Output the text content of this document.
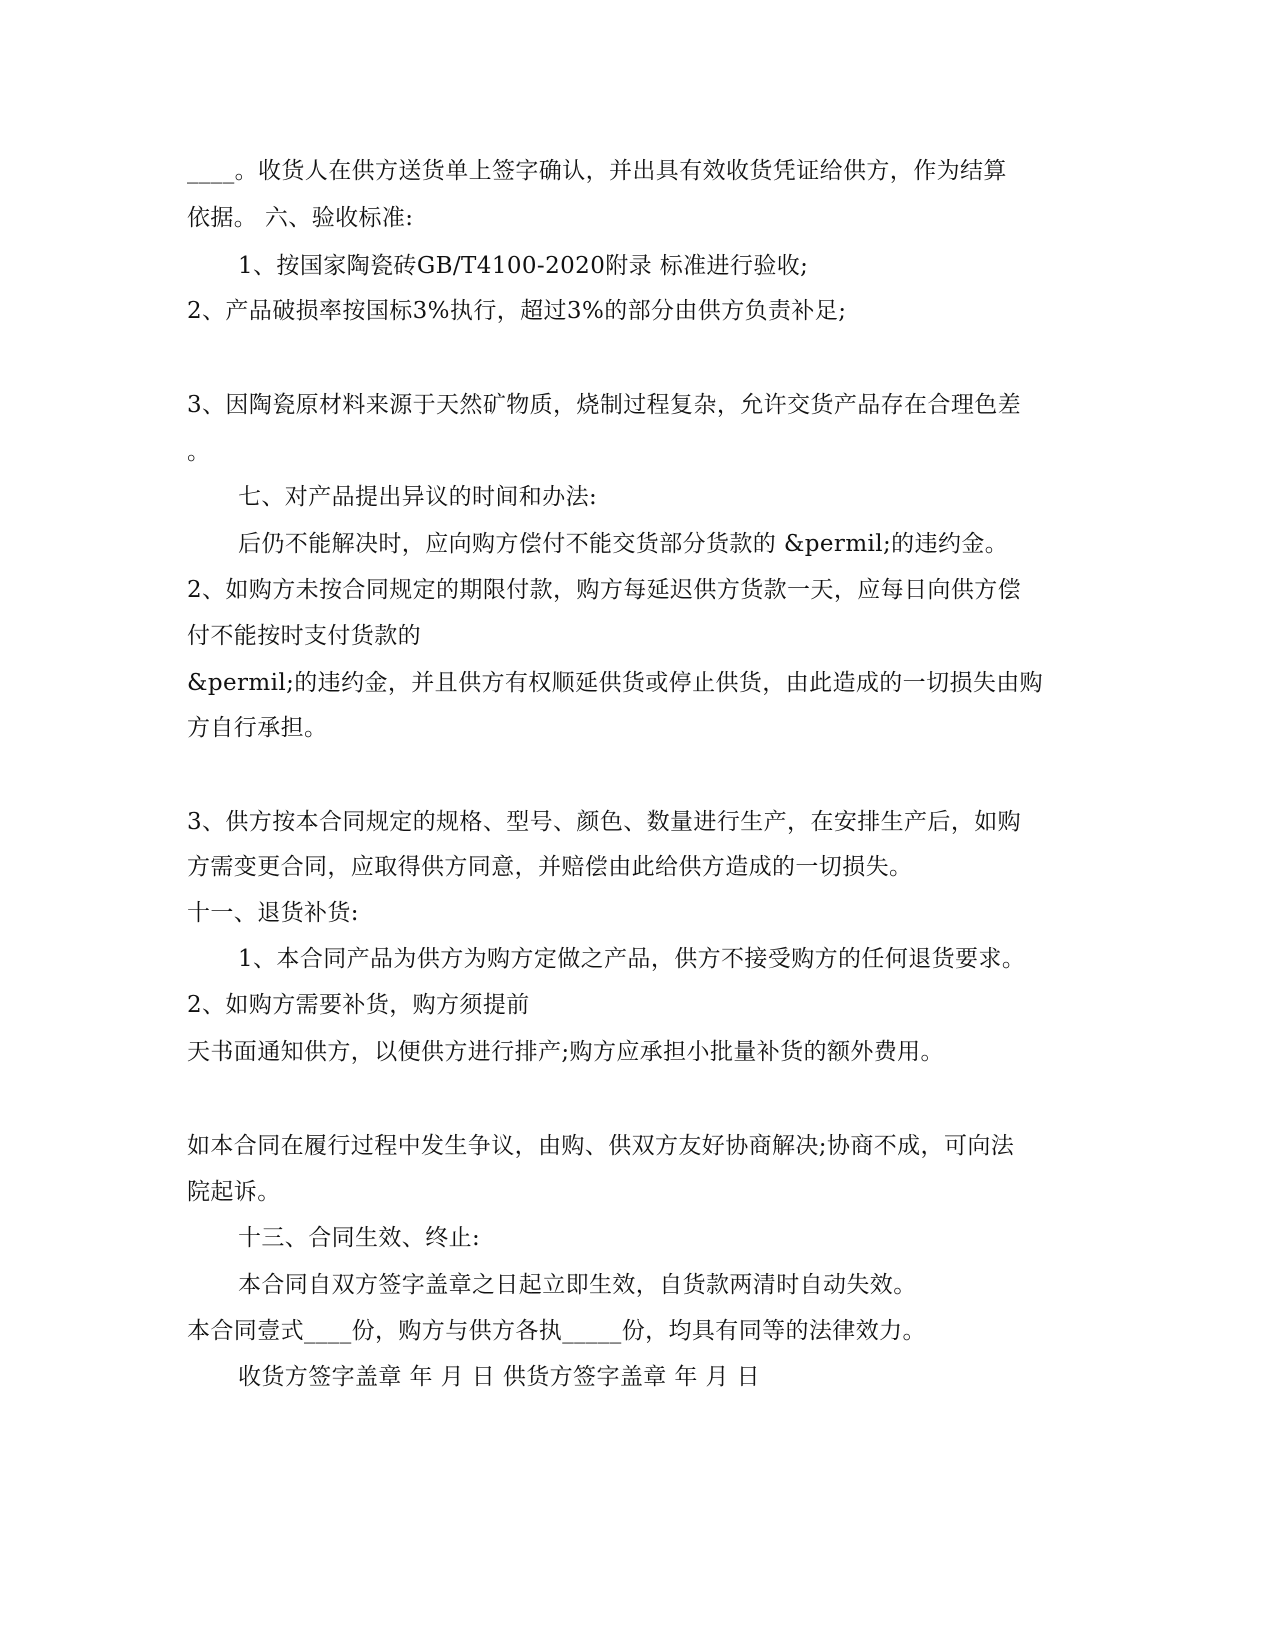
____。收货人在供方送货单上签字确认，并出具有效收货凭证给供方，作为结算
依据。 六、验收标准:
1、按国家陶瓷砖GB/T4100-2020附录 标准进行验收;
2、产品破损率按国标3%执行，超过3%的部分由供方负责补足;
3、因陶瓷原材料来源于天然矿物质，烧制过程复杂，允许交货产品存在合理色差
。
七、对产品提出异议的时间和办法:
后仍不能解决时，应向购方偿付不能交货部分货款的 &permil;的违约金。
2、如购方未按合同规定的期限付款，购方每延迟供方货款一天，应每日向供方偿
付不能按时支付货款的
&permil;的违约金，并且供方有权顺延供货或停止供货，由此造成的一切损失由购
方自行承担。
3、供方按本合同规定的规格、型号、颜色、数量进行生产，在安排生产后，如购
方需变更合同，应取得供方同意，并赔偿由此给供方造成的一切损失。
十一、退货补货:
1、本合同产品为供方为购方定做之产品，供方不接受购方的任何退货要求。
2、如购方需要补货，购方须提前
天书面通知供方，以便供方进行排产;购方应承担小批量补货的额外费用。
如本合同在履行过程中发生争议，由购、供双方友好协商解决;协商不成，可向法
院起诉。
十三、合同生效、终止:
本合同自双方签字盖章之日起立即生效，自货款两清时自动失效。
本合同壹式____份，购方与供方各执_____份，均具有同等的法律效力。
收货方签字盖章 年 月 日 供货方签字盖章 年 月 日
